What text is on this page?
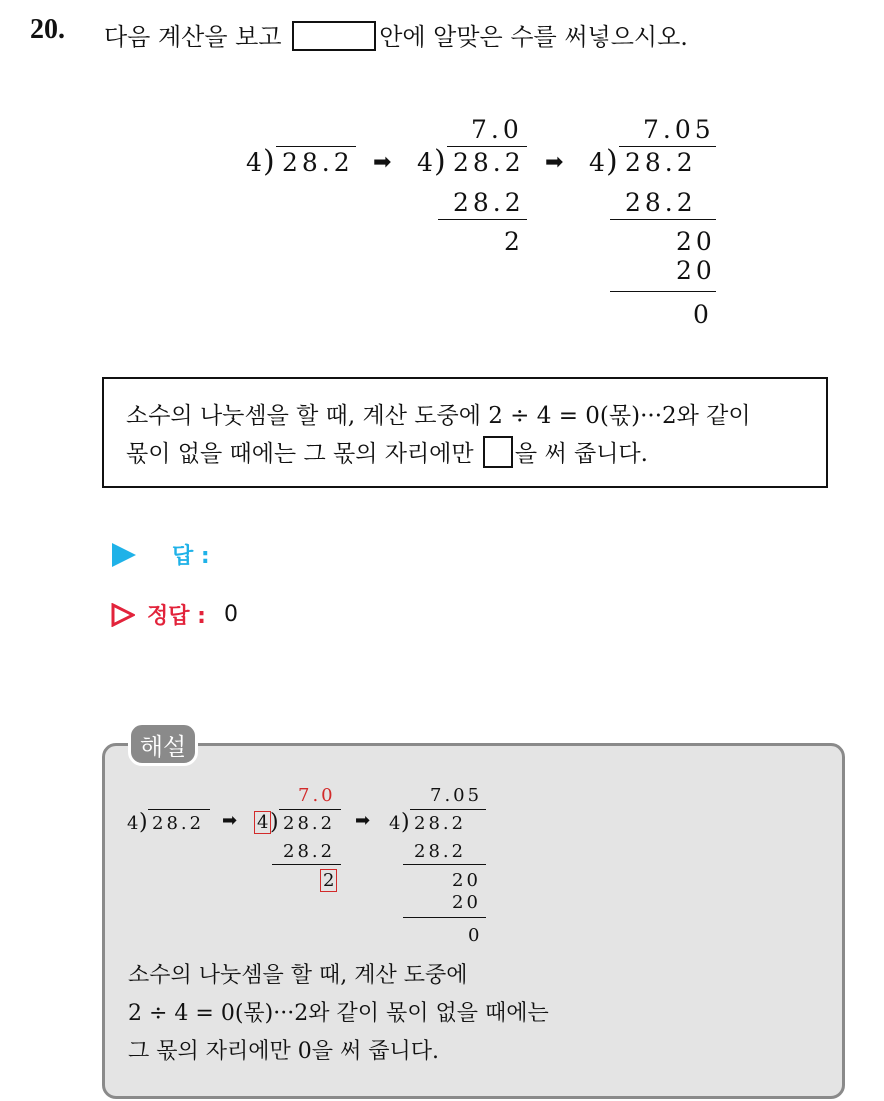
20. 다음 계산을 보고	안에 알맞은 수를 써넣으시오.
4
) 28.2 ➡
7.0
4
) 28.2
28.2
2
➡
7.05
4
) 28.2
28.2
20
20
0
소수의 나눗셈을 할 때, 계산 도중에 2 ÷ 4 = 0(몫)···2와 같이
몫이 없을 때에는 그 몫의 자리에만 을 써 줍니다.
답 :
정답 : 0
해설
4
) 28.2 ➡
7.0
4 ) 28.2
28.2
2
➡
7.05
4
) 28.2
28.2
20
20
0
소수의 나눗셈을 할 때, 계산 도중에
2 ÷ 4 = 0(몫)···2와 같이 몫이 없을 때에는
그 몫의 자리에만 0을 써 줍니다.
